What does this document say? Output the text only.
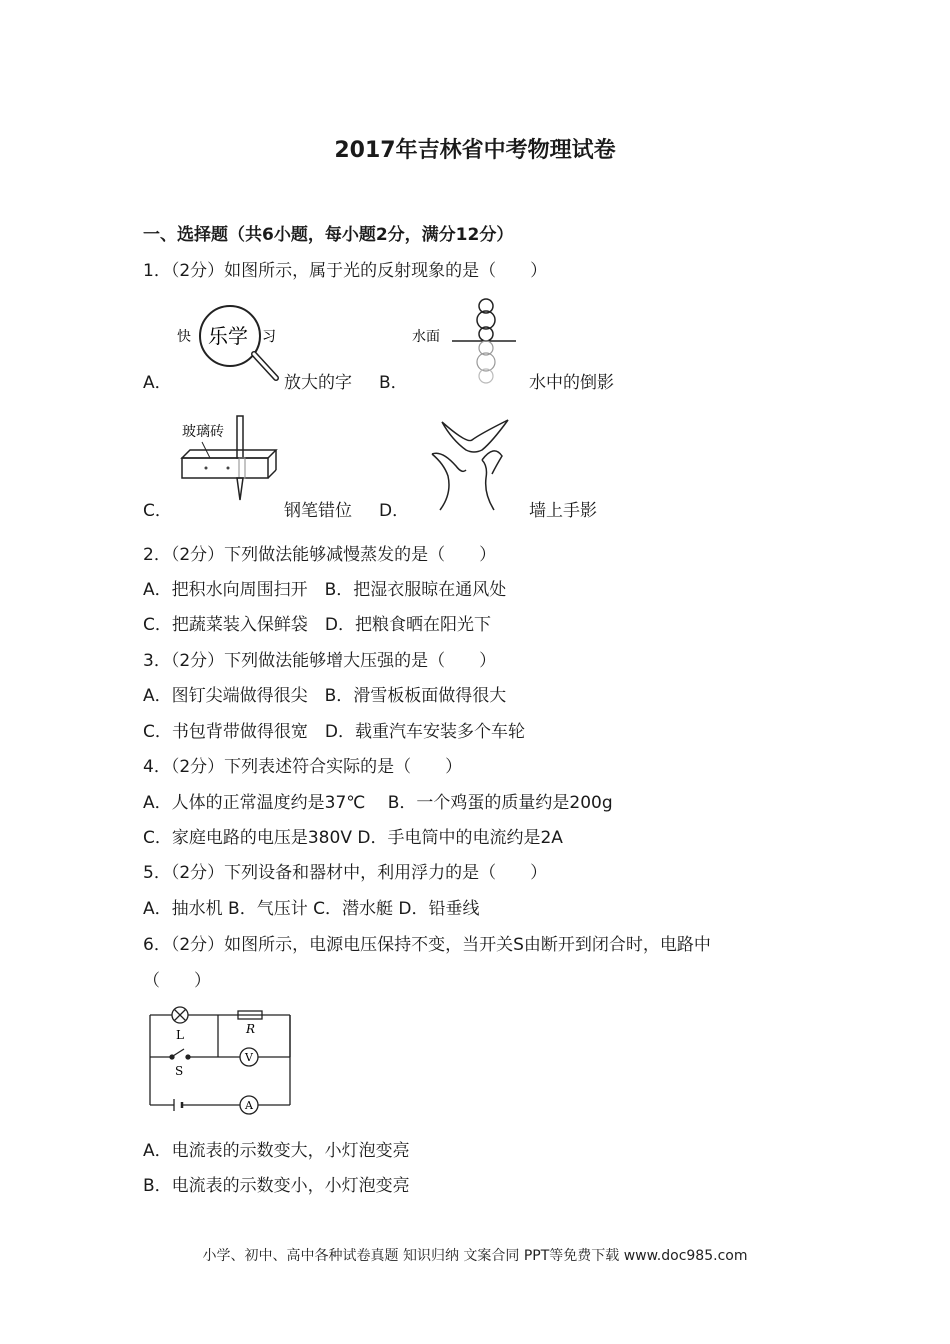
2017年吉林省中考物理试卷
一、选择题（共6小题，每小题2分，满分12分）
1．（2分）如图所示，属于光的反射现象的是（　　）
快 乐学 习
A．	放大的字
水面
B．	水中的倒影
玻璃砖
C．	钢笔错位 D．	墙上手影
2．（2分）下列做法能够减慢蒸发的是（　　）
A．把积水向周围扫开　B．把湿衣服晾在通风处
C．把蔬菜装入保鲜袋　D．把粮食晒在阳光下
3．（2分）下列做法能够增大压强的是（　　）
A．图钉尖端做得很尖　B．滑雪板板面做得很大
C．书包背带做得很宽　D．载重汽车安装多个车轮
4．（2分）下列表述符合实际的是（　　）
A．人体的正常温度约是37℃　 B．一个鸡蛋的质量约是200g
C．家庭电路的电压是380V D．手电筒中的电流约是2A
5．（2分）下列设备和器材中，利用浮力的是（　　）
A．抽水机 B．气压计 C．潜水艇 D．铅垂线
6．（2分）如图所示，电源电压保持不变，当开关S由断开到闭合时，电路中
（　　）
L	R
S
V
A
A．电流表的示数变大，小灯泡变亮
B．电流表的示数变小，小灯泡变亮
小学、初中、高中各种试卷真题 知识归纳 文案合同 PPT等免费下载 www.doc985.com
